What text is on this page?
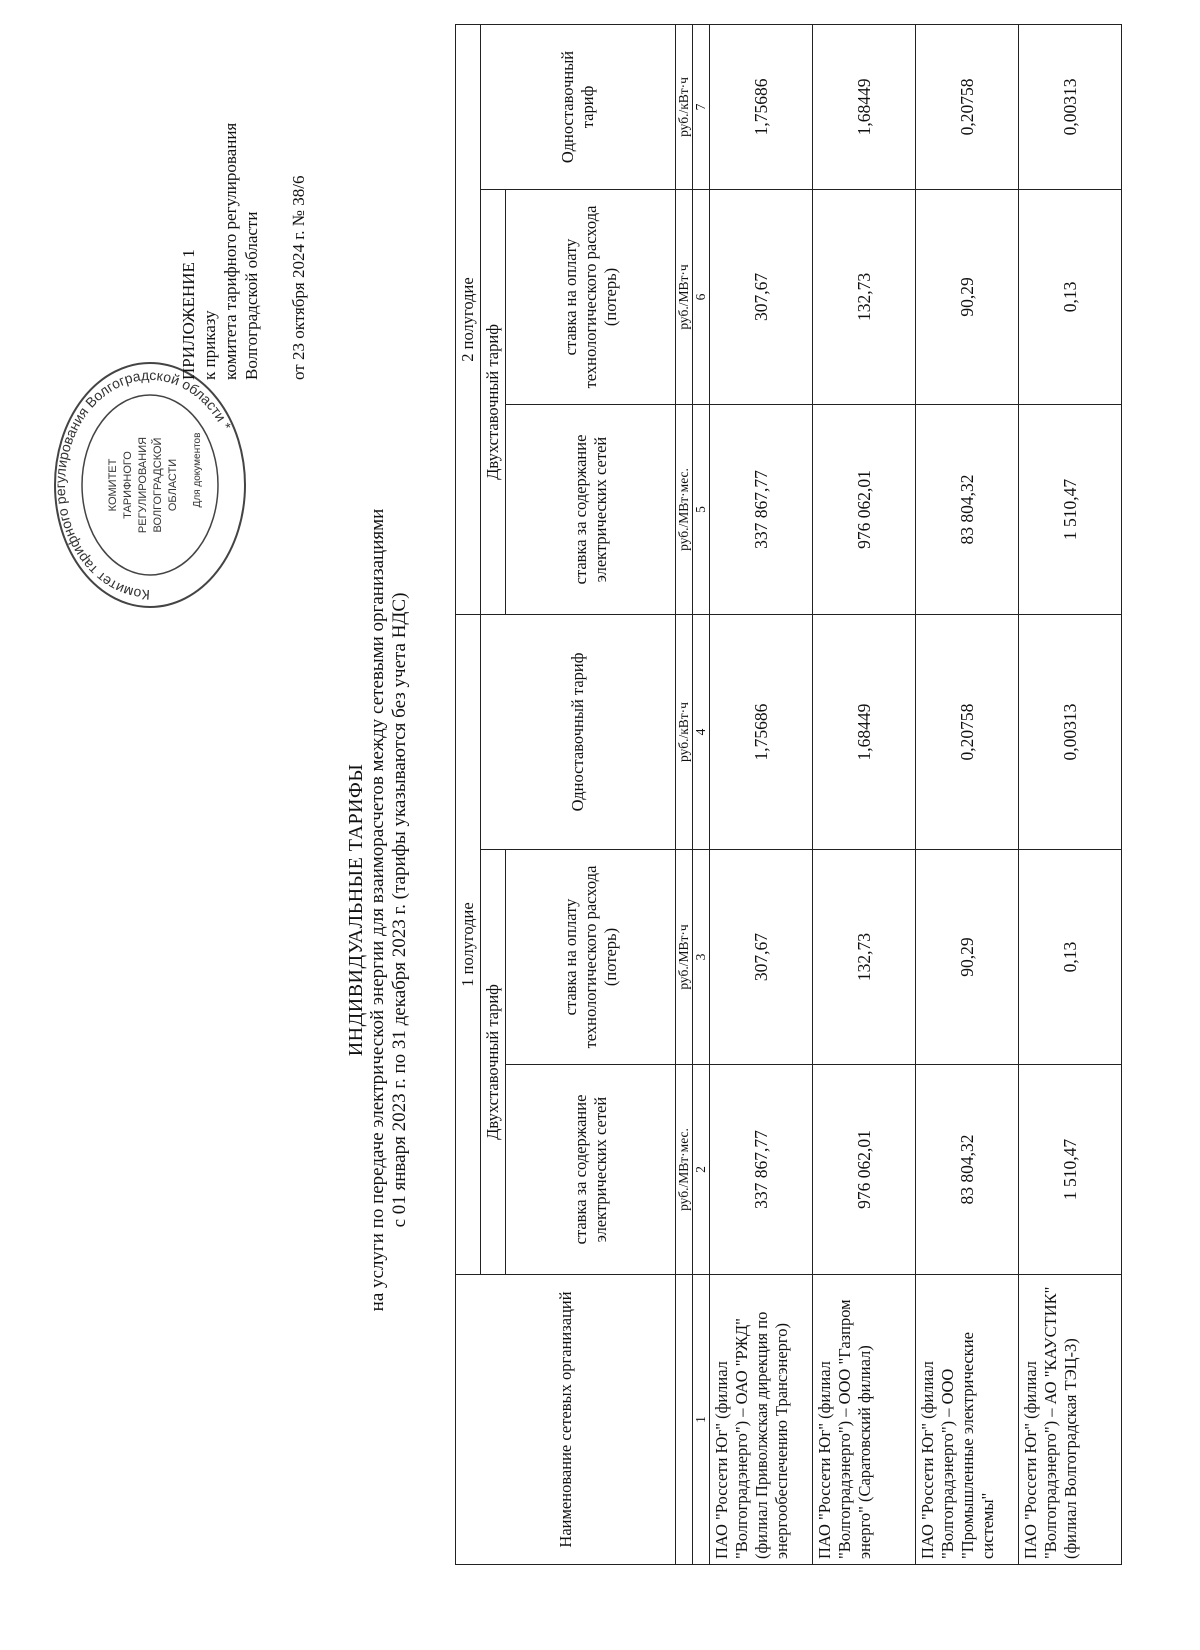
Комитет тарифного регулирования Волгоградской области *
КОМИТЕТ ТАРИФНОГО РЕГУЛИРОВАНИЯ ВОЛГОГРАДСКОЙ ОБЛАСТИ Для документов
ПРИЛОЖЕНИЕ 1 к приказу комитета тарифного регулирования Волгоградской области от 23 октября 2024 г. № 38/6
ИНДИВИДУАЛЬНЫЕ ТАРИФЫ на услуги по передаче электрической энергии для взаиморасчетов между сетевыми организациями с 01 января 2023 г. по 31 декабря 2023 г. (тарифы указываются без учета НДС)
Наименование сетевых организаций	1 полугодие			2 полугодие		
	Двухставочный тариф		Одноставочный тариф	Двухставочный тариф		Одноставочный тариф
	ставка за содержание электрических сетей	ставка на оплату технологического расхода (потерь)		ставка за содержание электрических сетей	ставка на оплату технологического расхода (потерь)	
	руб./МВт·мес.	руб./МВт·ч	руб./кВт·ч	руб./МВт·мес.	руб./МВт·ч	руб./кВт·ч
1	2	3	4	5	6	7
ПАО "Россети Юг" (филиал "Волгоградэнерго") – ОАО "РЖД" (филиал Приволжская дирекция по энергообеспечению Трансэнерго)	337 867,77	307,67	1,75686	337 867,77	307,67	1,75686
ПАО "Россети Юг" (филиал "Волгоградэнерго") – ООО "Газпром энерго" (Саратовский филиал)	976 062,01	132,73	1,68449	976 062,01	132,73	1,68449
ПАО "Россети Юг" (филиал "Волгоградэнерго") – ООО "Промышленные электрические системы"	83 804,32	90,29	0,20758	83 804,32	90,29	0,20758
ПАО "Россети Юг" (филиал "Волгоградэнерго") – АО "КАУСТИК" (филиал Волгоградская ТЭЦ-3)	1 510,47	0,13	0,00313	1 510,47	0,13	0,00313
